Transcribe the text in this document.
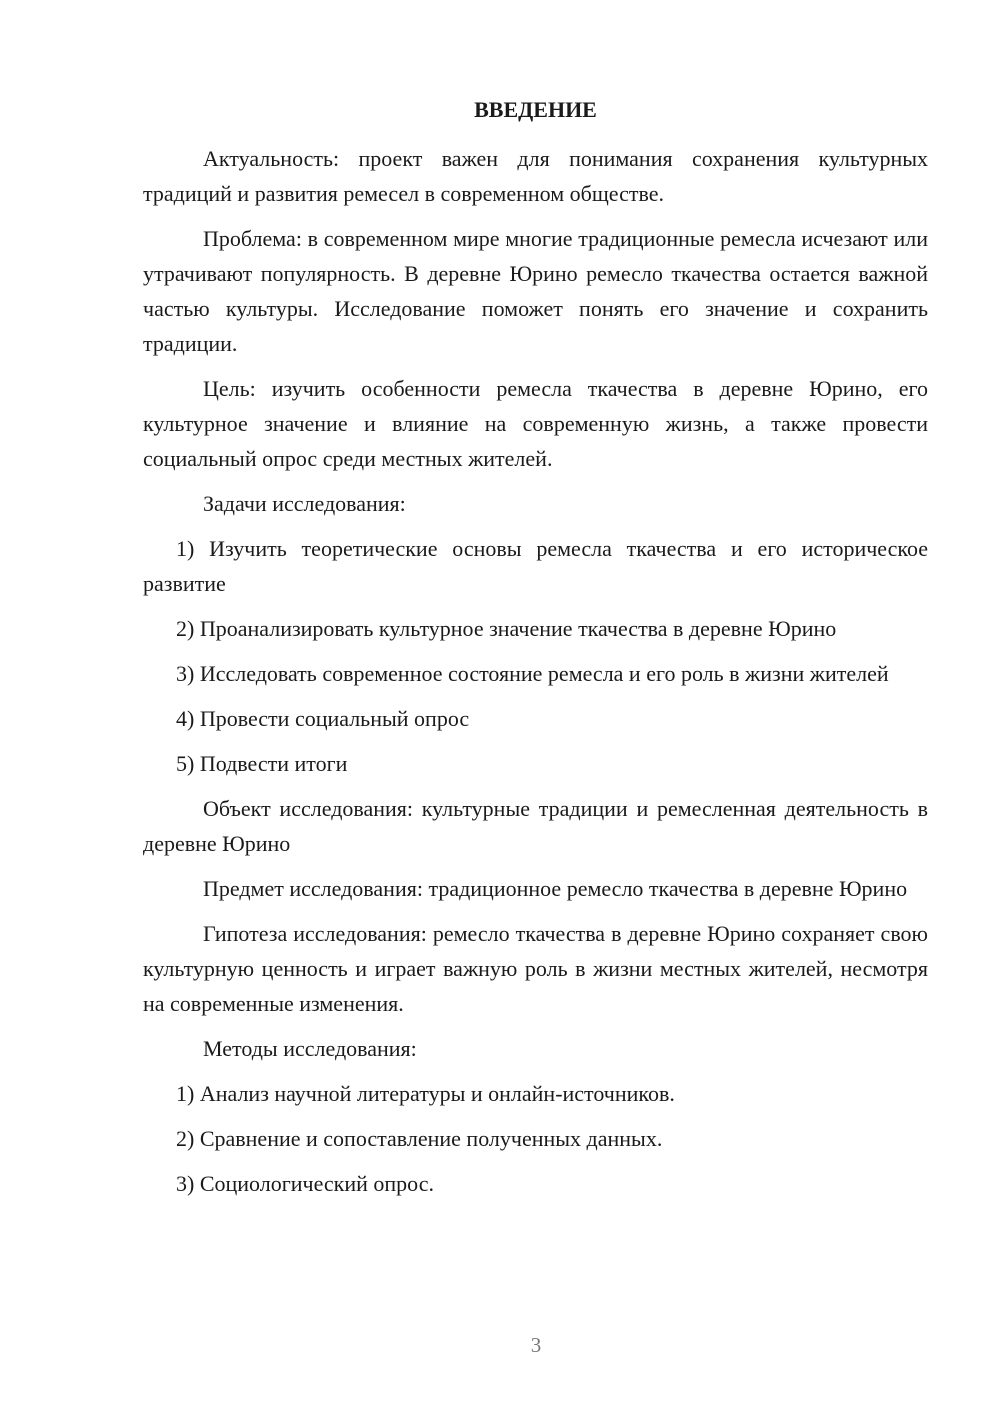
ВВЕДЕНИЕ

Актуальность: проект важен для понимания сохранения культурных традиций и развития ремесел в современном обществе.

Проблема: в современном мире многие традиционные ремесла исчезают или утрачивают популярность. В деревне Юрино ремесло ткачества остается важной частью культуры. Исследование поможет понять его значение и сохранить традиции.

Цель: изучить особенности ремесла ткачества в деревне Юрино, его культурное значение и влияние на современную жизнь, а также провести социальный опрос среди местных жителей.

Задачи исследования:

1) Изучить теоретические основы ремесла ткачества и его историческое развитие

2) Проанализировать культурное значение ткачества в деревне Юрино

3) Исследовать современное состояние ремесла и его роль в жизни жителей

4) Провести социальный опрос

5) Подвести итоги

Объект исследования: культурные традиции и ремесленная деятельность в деревне Юрино

Предмет исследования: традиционное ремесло ткачества в деревне Юрино

Гипотеза исследования: ремесло ткачества в деревне Юрино сохраняет свою культурную ценность и играет важную роль в жизни местных жителей, несмотря на современные изменения.

Методы исследования:

1) Анализ научной литературы и онлайн-источников.

2) Сравнение и сопоставление полученных данных.

3) Социологический опрос.

3
